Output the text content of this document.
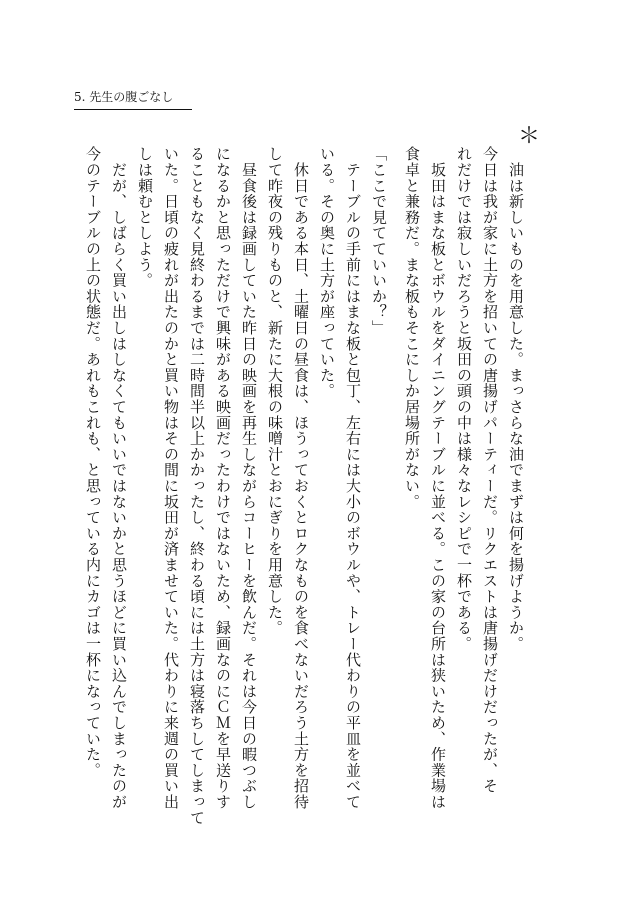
5. 先生の腹ごなし
＊
　油は新しいものを用意した。まっさらな油でまずは何を揚げようか。
今日は我が家に土方を招いての唐揚げパーティーだ。リクエストは唐揚げだけだったが、そ
れだけでは寂しいだろうと坂田の頭の中は様々なレシピで一杯である。
　坂田はまな板とボウルをダイニングテーブルに並べる。この家の台所は狭いため、作業場は
食卓と兼務だ。まな板もそこにしか居場所がない。
「ここで見てていいか？」
　テーブルの手前にはまな板と包丁、左右には大小のボウルや、トレー代わりの平皿を並べて
いる。その奥に土方が座っていた。
　休日である本日、土曜日の昼食は、ほうっておくとロクなものを食べないだろう土方を招待
して昨夜の残りものと、新たに大根の味噌汁とおにぎりを用意した。
　昼食後は録画していた昨日の映画を再生しながらコーヒーを飲んだ。それは今日の暇つぶし
になるかと思っただけで興味がある映画だったわけではないため、録画なのにＣＭを早送りす
ることもなく見終わるまでは二時間半以上かかったし、終わる頃には土方は寝落ちしてしまって
いた。日頃の疲れが出たのかと買い物はその間に坂田が済ませていた。代わりに来週の買い出
しは頼むとしよう。
　だが、しばらく買い出しはしなくてもいいではないかと思うほどに買い込んでしまったのが
今のテーブルの上の状態だ。あれもこれも、と思っている内にカゴは一杯になっていた。
